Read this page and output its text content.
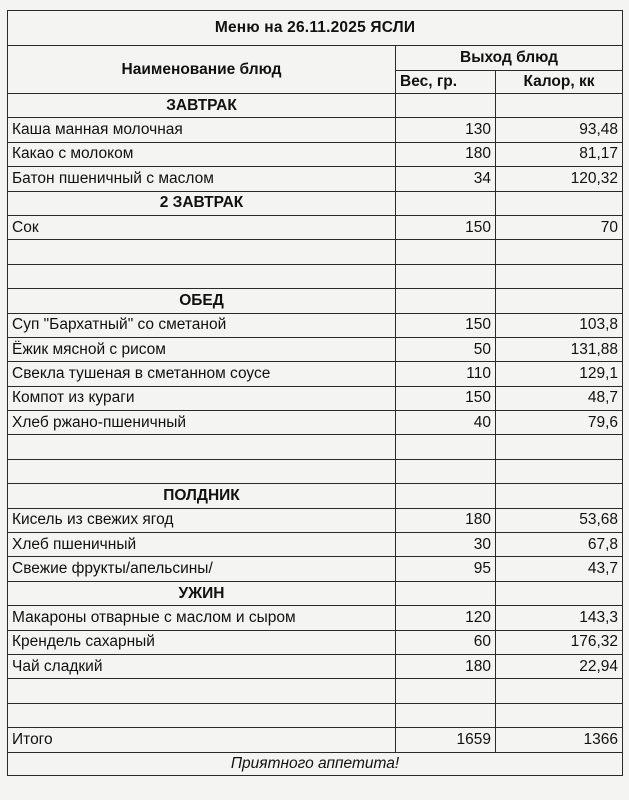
Меню на 26.11.2025 ЯСЛИ		
Наименование блюд	Выход блюд	
	Вес, гр.	Калор, кк
ЗАВТРАК		
Каша манная молочная	130	93,48
Какао с молоком	180	81,17
Батон пшеничный с маслом	34	120,32
2 ЗАВТРАК		
Сок	150	70

ОБЕД		
Суп "Бархатный" со сметаной	150	103,8
Ёжик мясной с рисом	50	131,88
Свекла тушеная в сметанном соусе	110	129,1
Компот из кураги	150	48,7
Хлеб ржано-пшеничный	40	79,6

ПОЛДНИК		
Кисель из свежих ягод	180	53,68
Хлеб пшеничный	30	67,8
Свежие фрукты/апельсины/	95	43,7
УЖИН		
Макароны отварные с маслом и сыром	120	143,3
Крендель сахарный	60	176,32
Чай сладкий	180	22,94

Итого	1659	1366
Приятного аппетита!		
